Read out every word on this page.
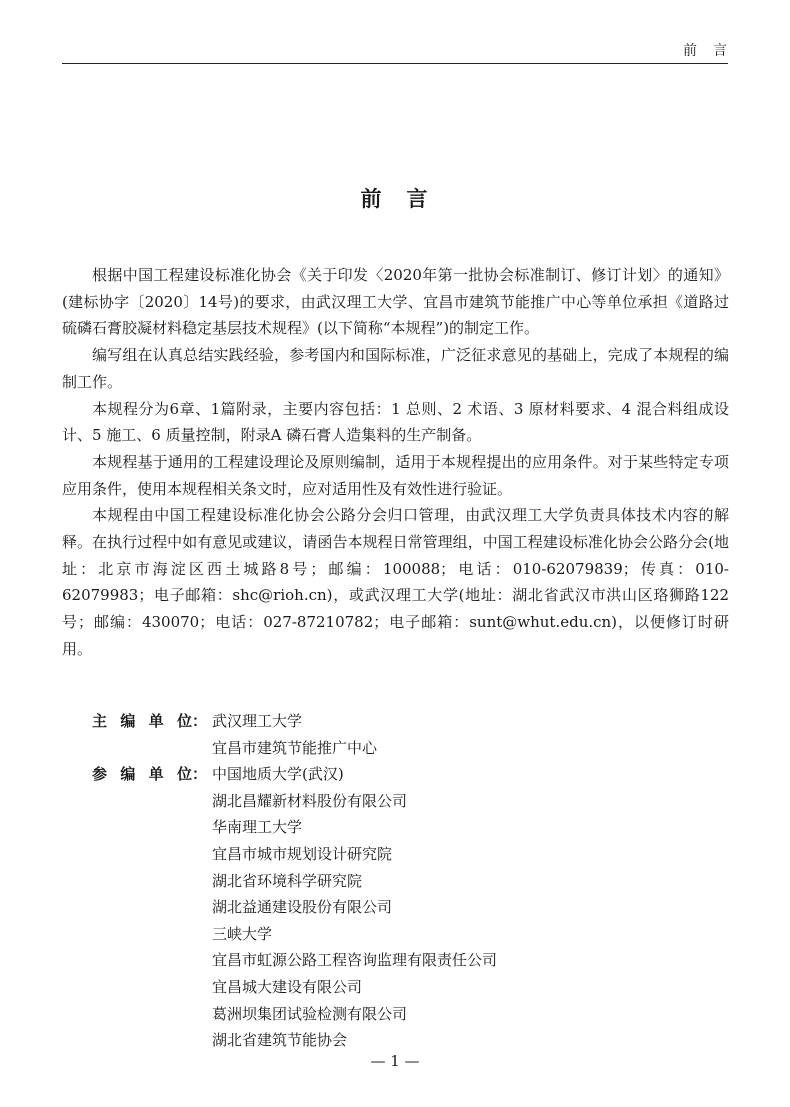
前　言
前　言

根据中国工程建设标准化协会《关于印发〈2020年第一批协会标准制订、修订计划〉的通知》(建标协字〔2020〕14号)的要求，由武汉理工大学、宜昌市建筑节能推广中心等单位承担《道路过硫磷石膏胶凝材料稳定基层技术规程》(以下简称“本规程”)的制定工作。

编写组在认真总结实践经验，参考国内和国际标准，广泛征求意见的基础上，完成了本规程的编制工作。

本规程分为6章、1篇附录，主要内容包括：1 总则、2 术语、3 原材料要求、4 混合料组成设计、5 施工、6 质量控制，附录A 磷石膏人造集料的生产制备。

本规程基于通用的工程建设理论及原则编制，适用于本规程提出的应用条件。对于某些特定专项应用条件，使用本规程相关条文时，应对适用性及有效性进行验证。

本规程由中国工程建设标准化协会公路分会归口管理，由武汉理工大学负责具体技术内容的解释。在执行过程中如有意见或建议，请函告本规程日常管理组，中国工程建设标准化协会公路分会(地址：北京市海淀区西土城路8号；邮编：100088；电话：010-62079839；传真：010-62079983；电子邮箱：shc@rioh.cn)，或武汉理工大学(地址：湖北省武汉市洪山区珞狮路122号；邮编：430070；电话：027-87210782；电子邮箱：sunt@whut.edu.cn)，以便修订时研用。

主编单位： 武汉理工大学
宜昌市建筑节能推广中心
参编单位： 中国地质大学(武汉)
湖北昌耀新材料股份有限公司
华南理工大学
宜昌市城市规划设计研究院
湖北省环境科学研究院
湖北益通建设股份有限公司
三峡大学
宜昌市虹源公路工程咨询监理有限责任公司
宜昌城大建设有限公司
葛洲坝集团试验检测有限公司
湖北省建筑节能协会
— 1 —
